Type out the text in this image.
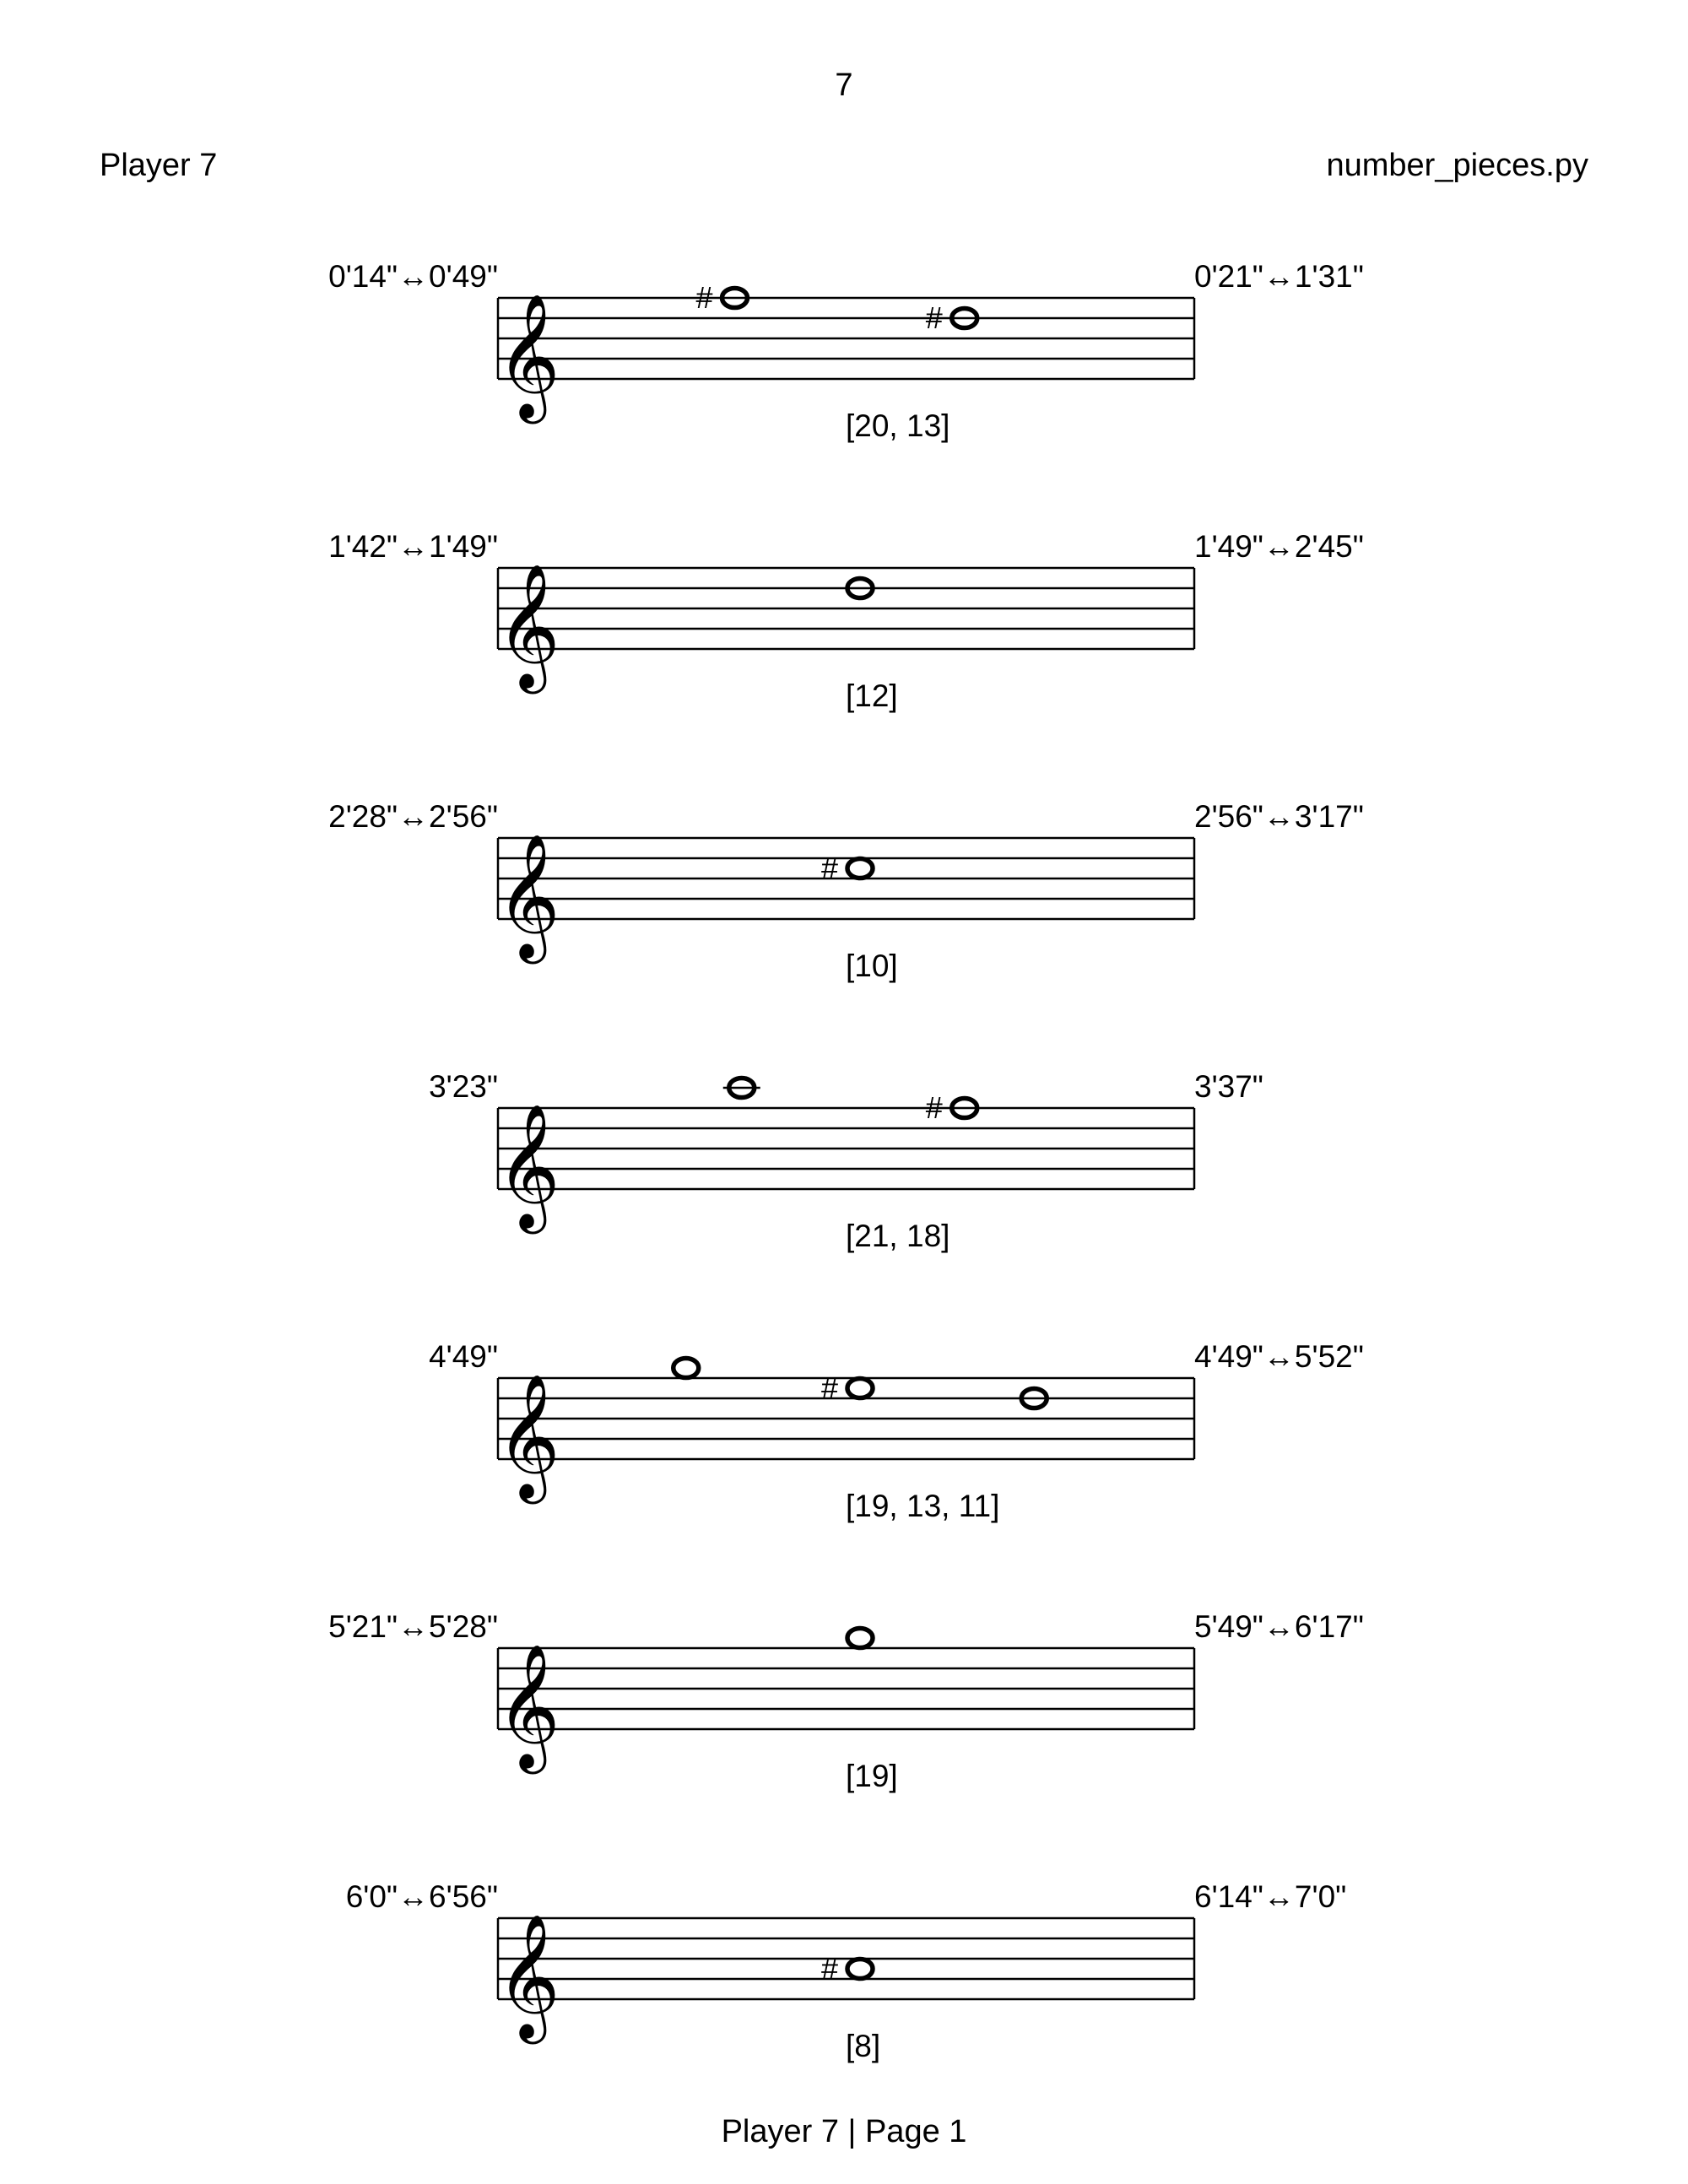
7
Player 7	number_pieces.py
0'14"↔0'49"	0'21"↔1'31"
[20, 13]
𝄞	#
#
1'42"↔1'49"	1'49"↔2'45"
[12]
𝄞
2'28"↔2'56"	2'56"↔3'17"
[10]
𝄞	#
3'23"	3'37"
[21, 18]
𝄞	#
4'49"	4'49"↔5'52"
[19, 13, 11]
𝄞	#
5'21"↔5'28"	5'49"↔6'17"
[19]
𝄞
6'0"↔6'56"	6'14"↔7'0"
[8]
𝄞	#
Player 7 | Page 1
